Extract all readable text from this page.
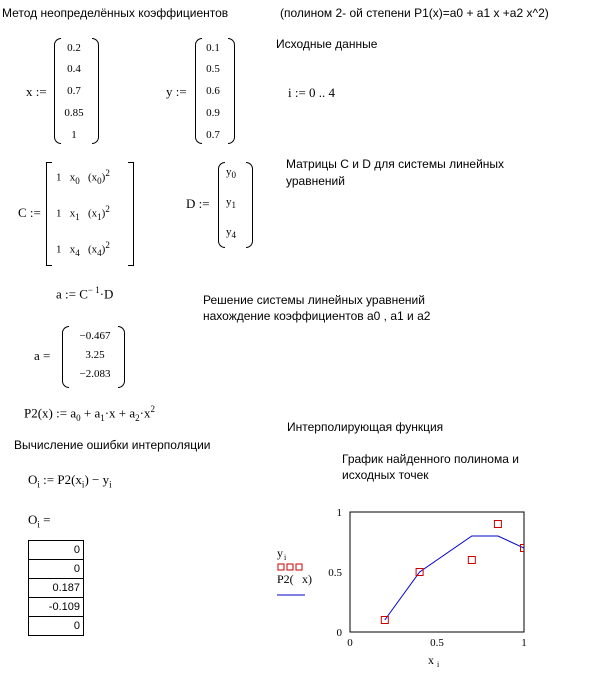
Метод неопределённых коэффициентов	(полином 2- ой степени P1(x)=a0 + a1 x +a2 x^2)
x :=
0.2
0.4
0.7
0.85
1
y :=
0.1
0.5
0.6
0.9
0.7
Исходные данные
i := 0 .. 4
C :=
1   $x_0$   $(x_0)^2$
1   $x_1$   $(x_1)^2$
1   $x_4$   $(x_4)^2$
D :=
$y_0$
$y_1$
$y_4$
Матрицы C и D для системы линейных уравнений
a := $C^{- 1}\cdot D$	Решение системы линейных уравнений нахождение коэффициентов a0 , a1 и a2
a =
−0.467
3.25
−2.083
P2(x) := $a_0 + a_1\cdot x + a_2\cdot x^2$
Интерполирующая функция
Вычисление ошибки интерполяции
$O_i$ := $P2(x_i) - y_i$
$O_i$ =
0
0
0.187
-0.109
0
График найденного полинома и исходных точек
0
0.5
1
0	0.5	1
x i
y i
P2( x)
